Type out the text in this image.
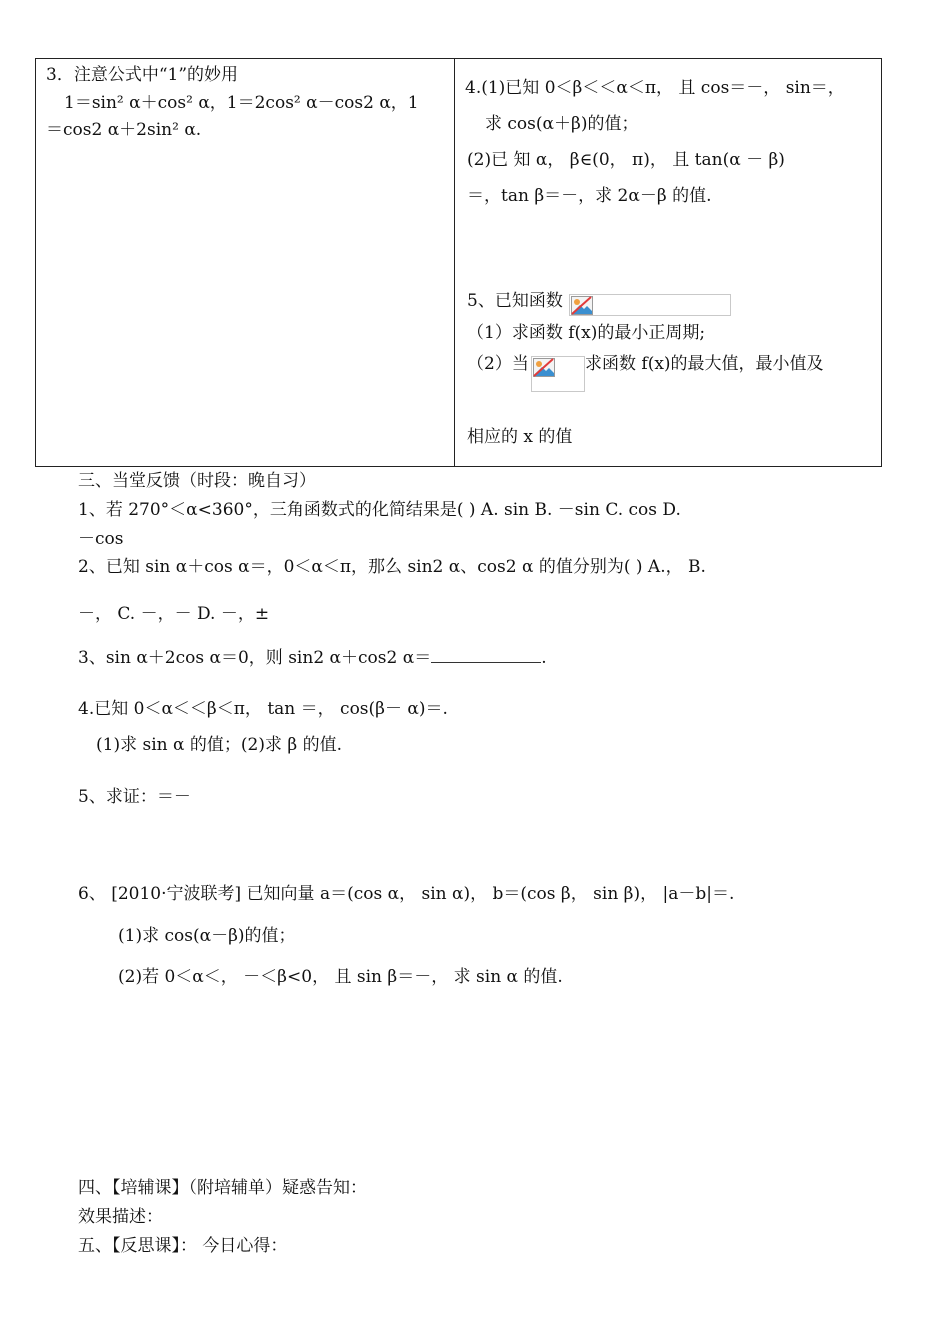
3．注意公式中“1”的妙用
1＝sin² α＋cos² α，1＝2cos² α－cos2 α，1
＝cos2 α＋2sin² α.

4.(1)已知 0＜β＜＜α＜π， 且 cos＝－， sin＝，
求 cos(α＋β)的值；
(2)已 知 α， β∈(0， π)， 且 tan(α － β)
＝，tan β＝－，求 2α－β 的值.
5、已知函数
（1）求函数 f(x)的最小正周期;
（2）当	求函数 f(x)的最大值，最小值及
相应的 x 的值
三、当堂反馈（时段：晚自习）
1、若 270°＜α<360°，三角函数式的化简结果是( ) A. sin B. －sin C. cos D.
－cos
2、已知 sin α＋cos α＝，0＜α＜π，那么 sin2 α、cos2 α 的值分别为( ) A.， B.
－， C. －，－ D. －，±
3、sin α＋2cos α＝0，则 sin2 α＋cos2 α＝	.
4.已知 0＜α＜＜β＜π， tan ＝， cos(β－ α)＝.
(1)求 sin α 的值；(2)求 β 的值.
5、求证：＝－
6、 [2010·宁波联考] 已知向量 a＝(cos α， sin α)， b＝(cos β， sin β)， |a－b|＝.
(1)求 cos(α－β)的值；
(2)若 0＜α＜， －＜β<0， 且 sin β＝－， 求 sin α 的值.
四、【培辅课】（附培辅单）疑惑告知：
效果描述：
五、【反思课】： 今日心得：
